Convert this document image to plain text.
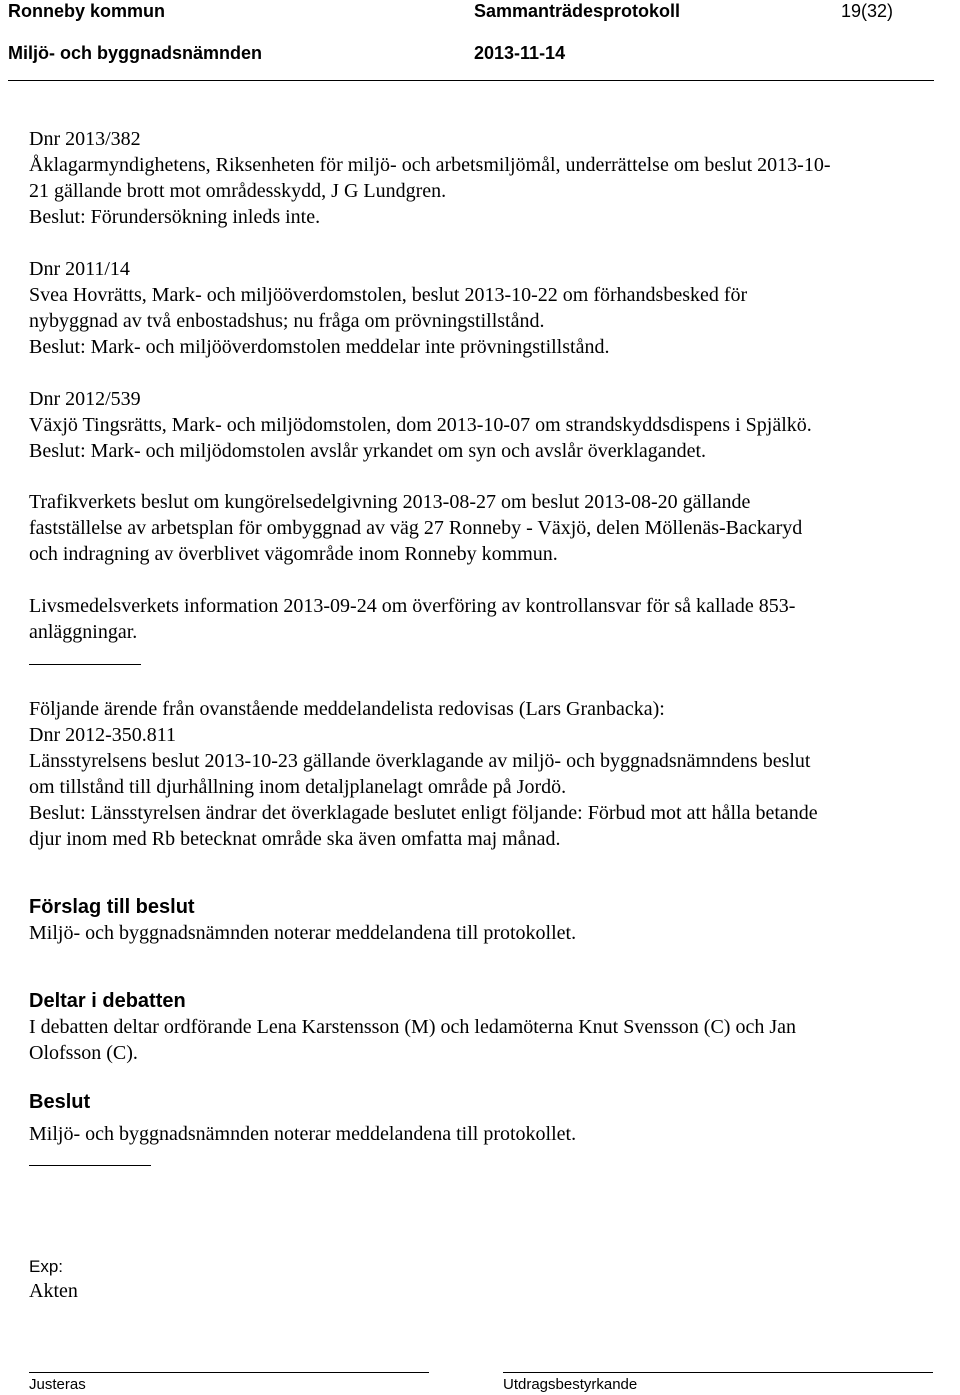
Ronneby kommun	Sammanträdesprotokoll	19(32)
Miljö- och byggnadsnämnden	2013-11-14
Dnr 2013/382
Åklagarmyndighetens, Riksenheten för miljö- och arbetsmiljömål, underrättelse om beslut 2013-10-
21 gällande brott mot områdesskydd, J G Lundgren.
Beslut: Förundersökning inleds inte.
Dnr 2011/14
Svea Hovrätts, Mark- och miljööverdomstolen, beslut 2013-10-22 om förhandsbesked för
nybyggnad av två enbostadshus; nu fråga om prövningstillstånd.
Beslut: Mark- och miljööverdomstolen meddelar inte prövningstillstånd.
Dnr 2012/539
Växjö Tingsrätts, Mark- och miljödomstolen, dom 2013-10-07 om strandskyddsdispens i Spjälkö.
Beslut: Mark- och miljödomstolen avslår yrkandet om syn och avslår överklagandet.
Trafikverkets beslut om kungörelsedelgivning 2013-08-27 om beslut 2013-08-20 gällande
fastställelse av arbetsplan för ombyggnad av väg 27 Ronneby - Växjö, delen Möllenäs-Backaryd
och indragning av överblivet vägområde inom Ronneby kommun.
Livsmedelsverkets information 2013-09-24 om överföring av kontrollansvar för så kallade 853-
anläggningar.
Följande ärende från ovanstående meddelandelista redovisas (Lars Granbacka):
Dnr 2012-350.811
Länsstyrelsens beslut 2013-10-23 gällande överklagande av miljö- och byggnadsnämndens beslut
om tillstånd till djurhållning inom detaljplanelagt område på Jordö.
Beslut: Länsstyrelsen ändrar det överklagade beslutet enligt följande: Förbud mot att hålla betande
djur inom med Rb betecknat område ska även omfatta maj månad.
Förslag till beslut
Miljö- och byggnadsnämnden noterar meddelandena till protokollet.
Deltar i debatten
I debatten deltar ordförande Lena Karstensson (M) och ledamöterna Knut Svensson (C) och Jan
Olofsson (C).
Beslut
Miljö- och byggnadsnämnden noterar meddelandena till protokollet.
Exp:
Akten
Justeras	Utdragsbestyrkande
